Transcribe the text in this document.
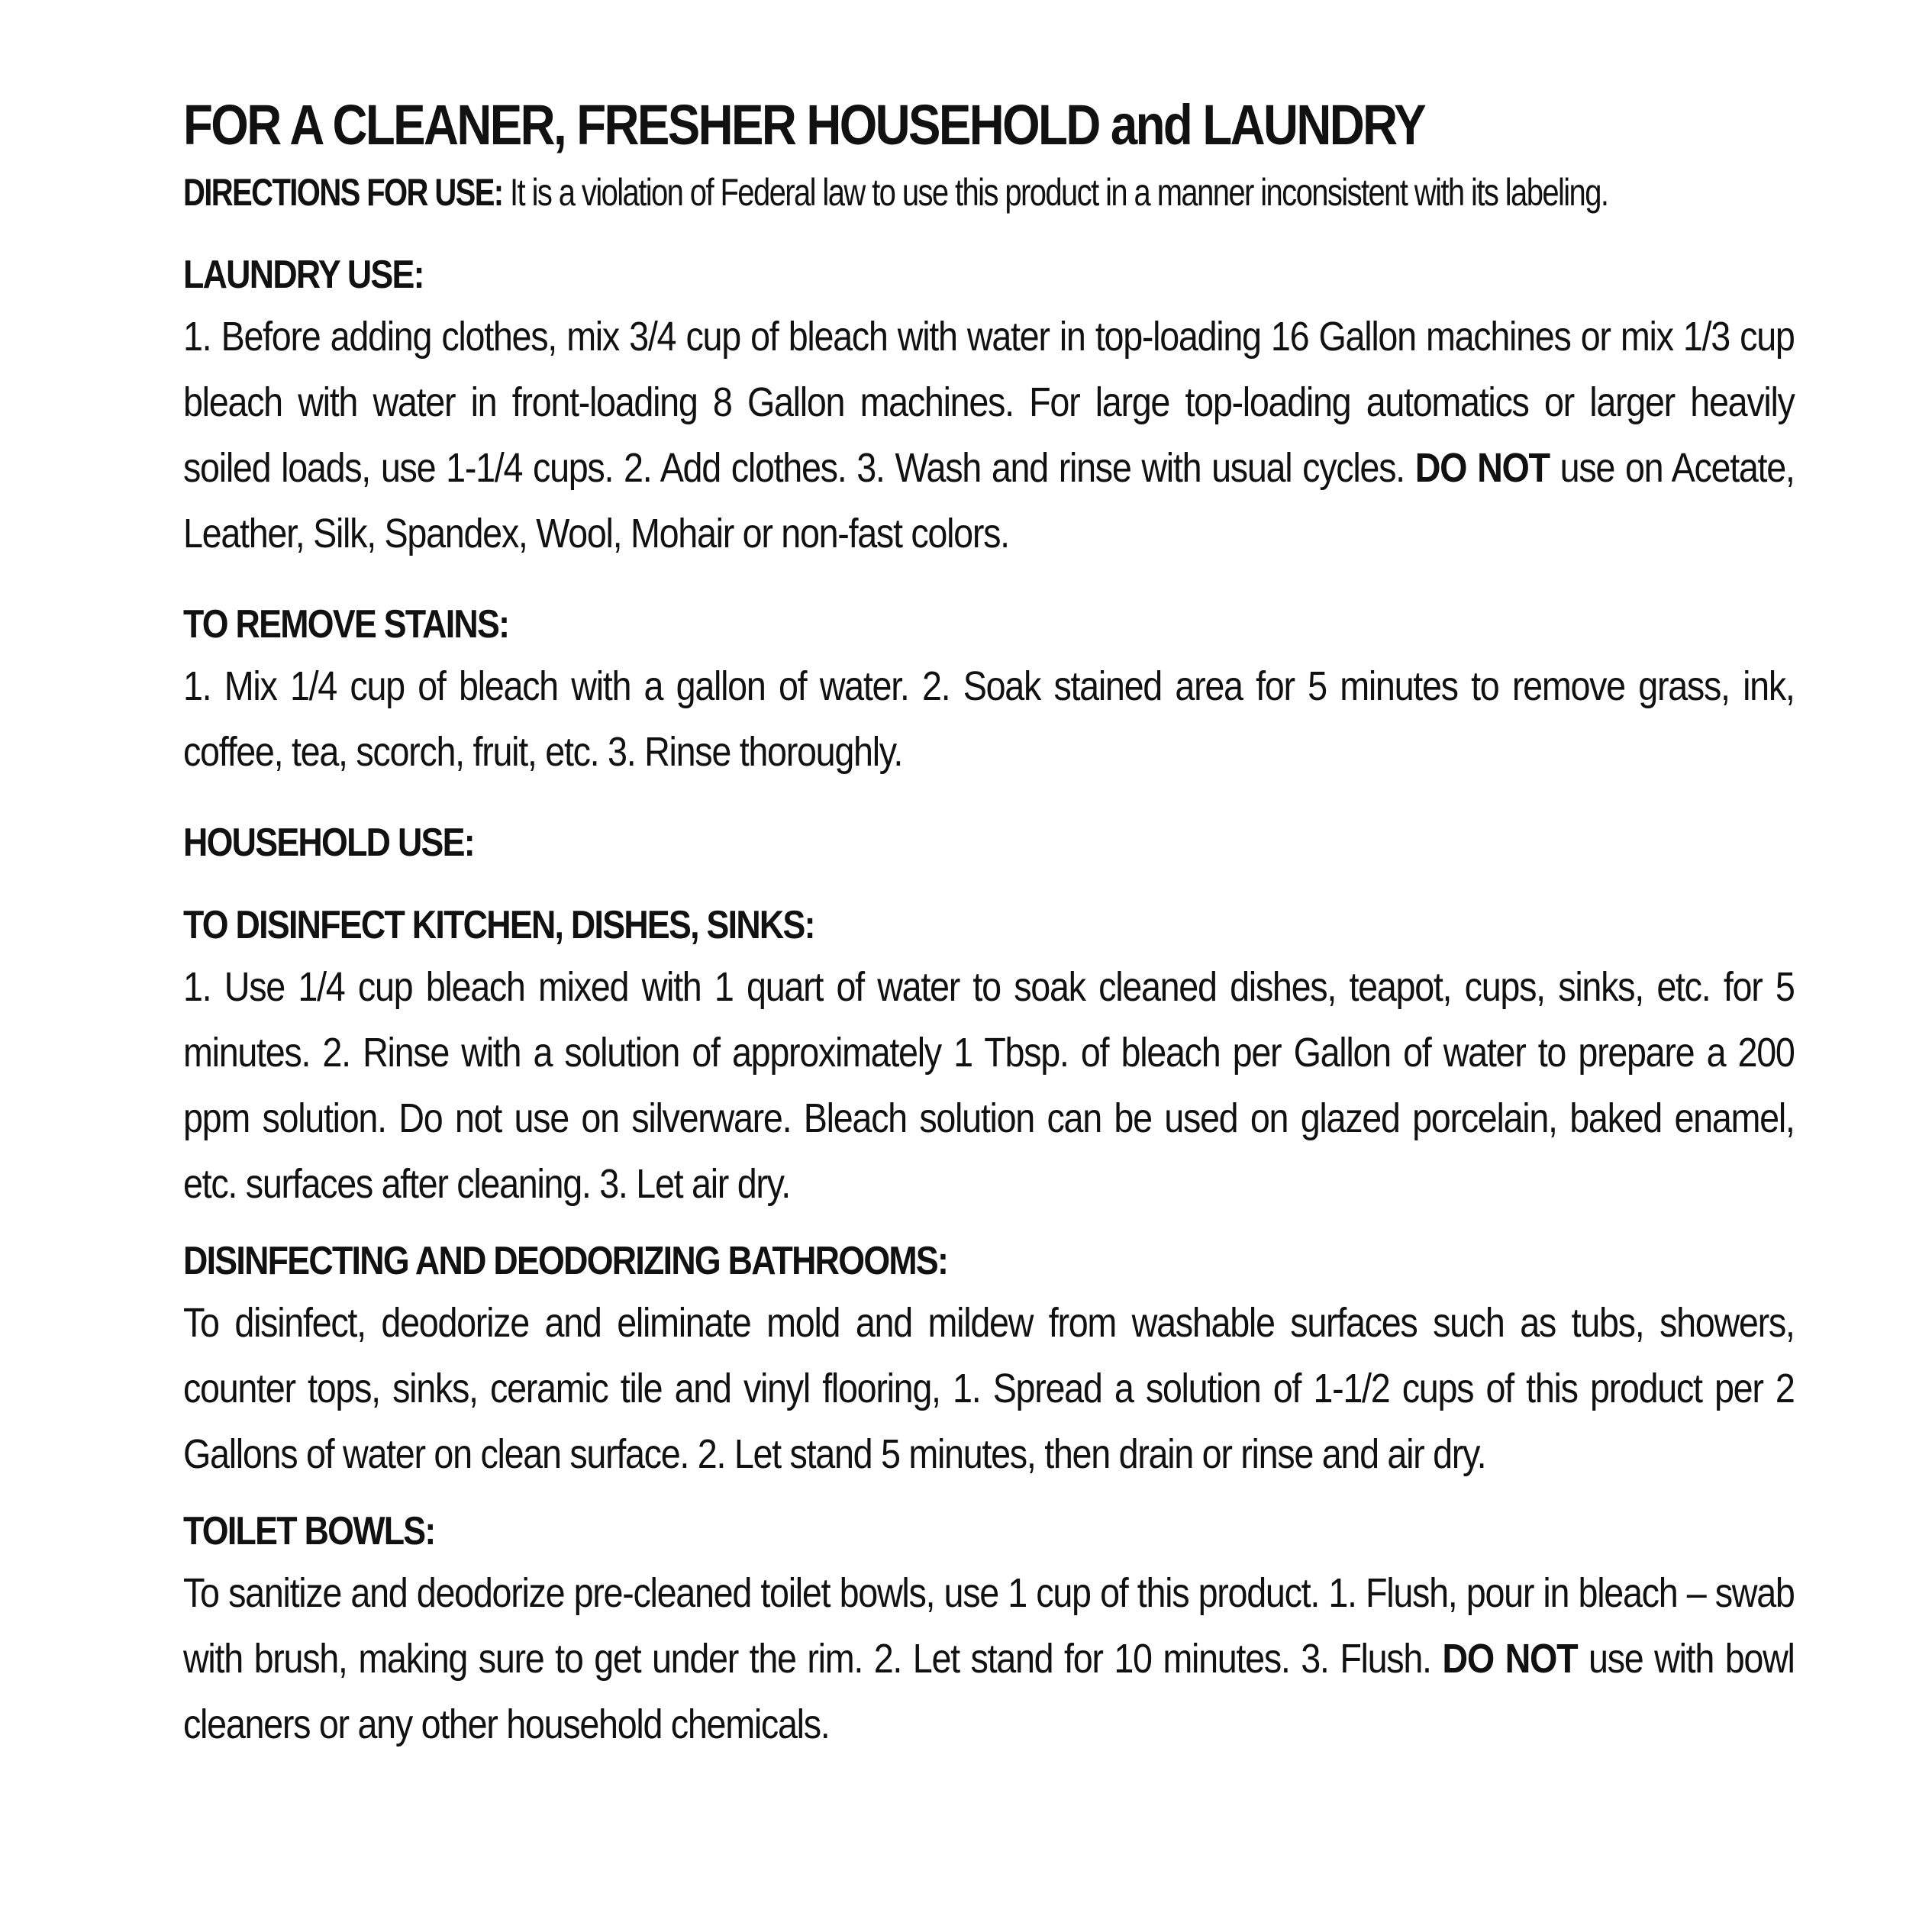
FOR A CLEANER, FRESHER HOUSEHOLD and LAUNDRY

DIRECTIONS FOR USE: It is a violation of Federal law to use this product in a manner inconsistent with its labeling.

LAUNDRY USE:

1. Before adding clothes, mix 3/4 cup of bleach with water in top-loading 16 Gallon machines or mix 1/3 cup bleach with water in front-loading 8 Gallon machines. For large top-loading automatics or larger heavily soiled loads, use 1-1/4 cups. 2. Add clothes. 3. Wash and rinse with usual cycles. DO NOT use on Acetate, Leather, Silk, Spandex, Wool, Mohair or non-fast colors.

TO REMOVE STAINS:

1. Mix 1/4 cup of bleach with a gallon of water. 2. Soak stained area for 5 minutes to remove grass, ink, coffee, tea, scorch, fruit, etc. 3. Rinse thoroughly.

HOUSEHOLD USE:
TO DISINFECT KITCHEN, DISHES, SINKS:

1. Use 1/4 cup bleach mixed with 1 quart of water to soak cleaned dishes, teapot, cups, sinks, etc. for 5 minutes. 2. Rinse with a solution of approximately 1 Tbsp. of bleach per Gallon of water to prepare a 200 ppm solution. Do not use on silverware. Bleach solution can be used on glazed porcelain, baked enamel, etc. surfaces after cleaning. 3. Let air dry.

DISINFECTING AND DEODORIZING BATHROOMS:

To disinfect, deodorize and eliminate mold and mildew from washable surfaces such as tubs, showers, counter tops, sinks, ceramic tile and vinyl flooring, 1. Spread a solution of 1-1/2 cups of this product per 2 Gallons of water on clean surface. 2. Let stand 5 minutes, then drain or rinse and air dry.

TOILET BOWLS:

To sanitize and deodorize pre-cleaned toilet bowls, use 1 cup of this product. 1. Flush, pour in bleach – swab with brush, making sure to get under the rim. 2. Let stand for 10 minutes. 3. Flush. DO NOT use with bowl cleaners or any other household chemicals.
